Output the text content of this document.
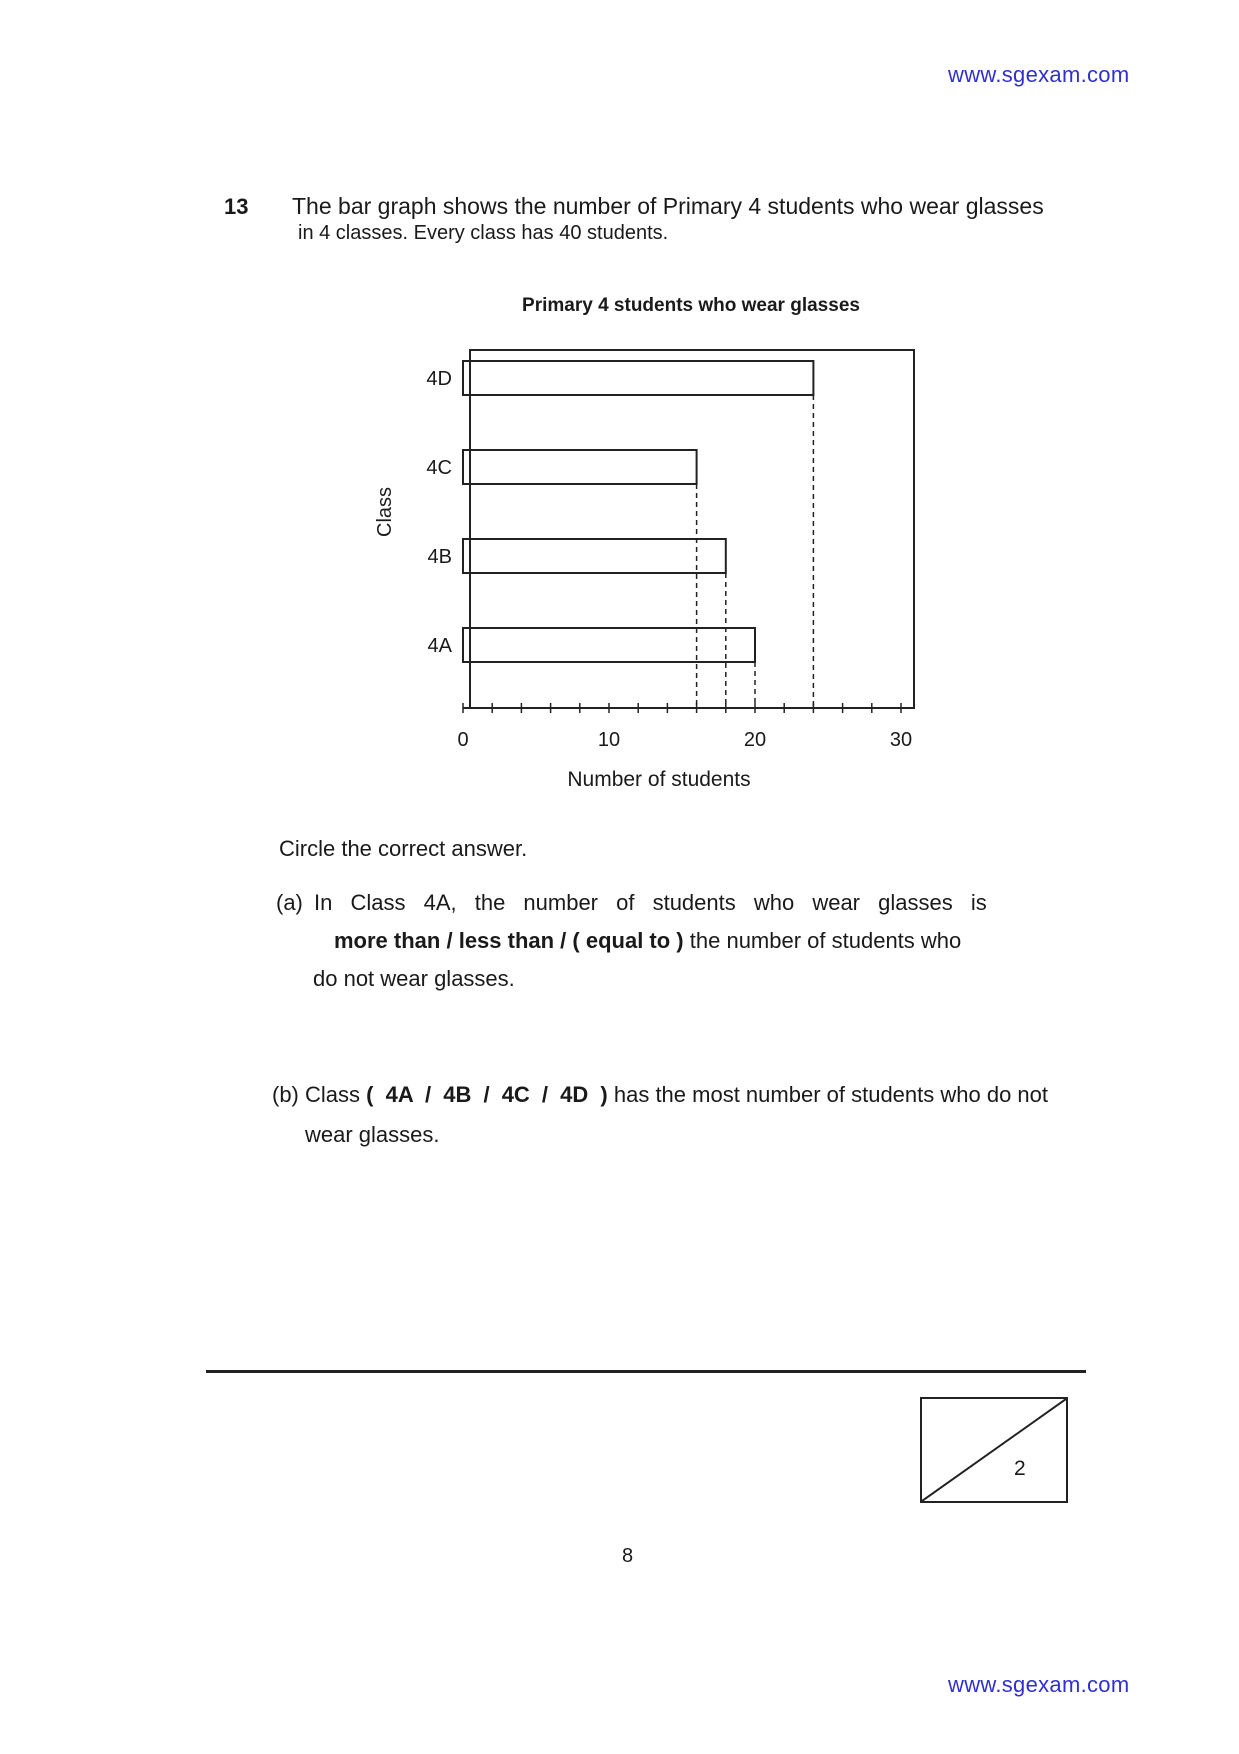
www.sgexam.com
13 The bar graph shows the number of Primary 4 students who wear glasses
in 4 classes. Every class has 40 students.
Primary 4 students who wear glasses
4A
4B
4C
4D
0	10	20	30
Class
Number of students
Circle the correct answer.
(a) In Class 4A, the number of students who wear glasses is
more than / less than / ( equal to ) the number of students who
do not wear glasses.
(b) Class ( 4A / 4B / 4C / 4D ) has the most number of students who do not
wear glasses.
2
8
www.sgexam.com
